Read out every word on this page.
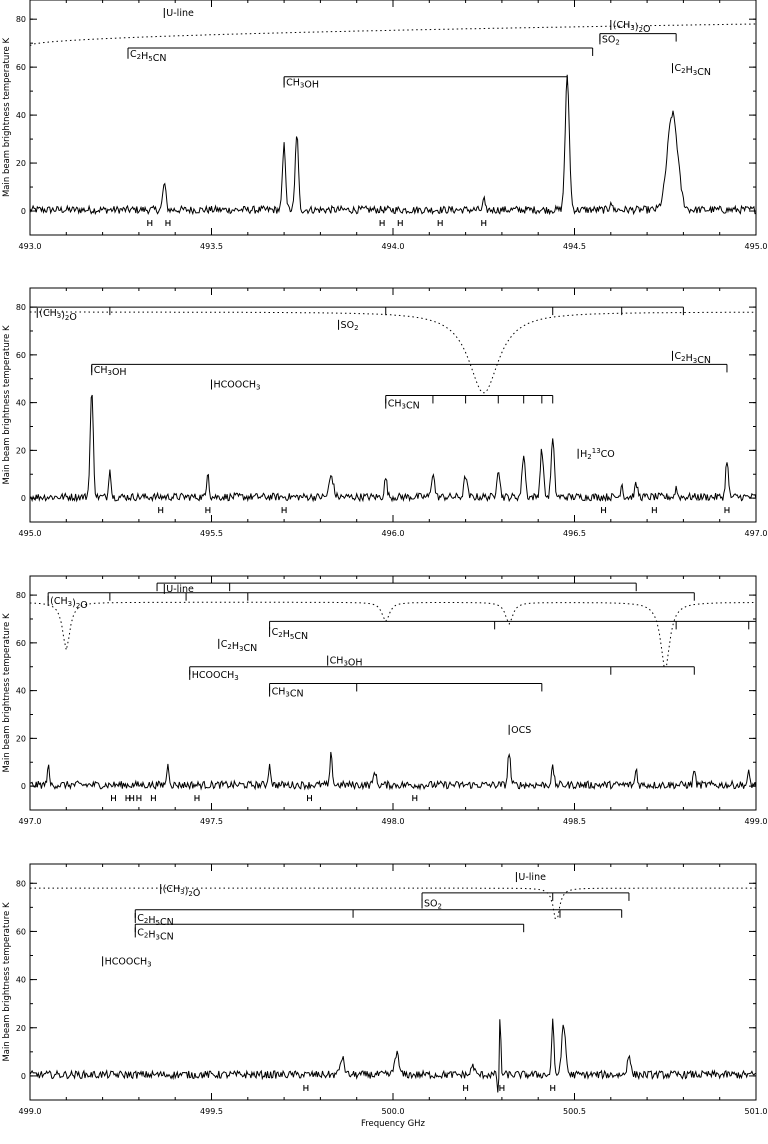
493.0	493.5	494.0	494.5	495.0
0
20
40
60
80
Main beam brightness temperature K
U-line
$(CH_3)_2O$
$SO_2$
$C_2H_5CN$
$CH_3OH$
$C_2H_3CN$
495.0	495.5	496.0	496.5	497.0
0
20
40
60
80
Main beam brightness temperature K
$(CH_3)_2O$
$SO_2$
$CH_3OH$
$HCOOCH_3$
$C_2H_3CN$
$CH_3CN$
$H_2^{13}CO$
497.0	497.5	498.0	498.5	499.0
0
20
40
60
80
Main beam brightness temperature K
$(CH_3)_2O$
U-line
$C_2H_5CN$
$C_2H_3CN$
$CH_3OH$
$HCOOCH_3$
$CH_3CN$
OCS
499.0	499.5	500.0	500.5	501.0
0
20
40
60
80
Main beam brightness temperature K
U-line
$(CH_3)_2O$
$SO_2$
$C_2H_5CN$
$C_2H_3CN$
$HCOOCH_3$
Frequency GHz
